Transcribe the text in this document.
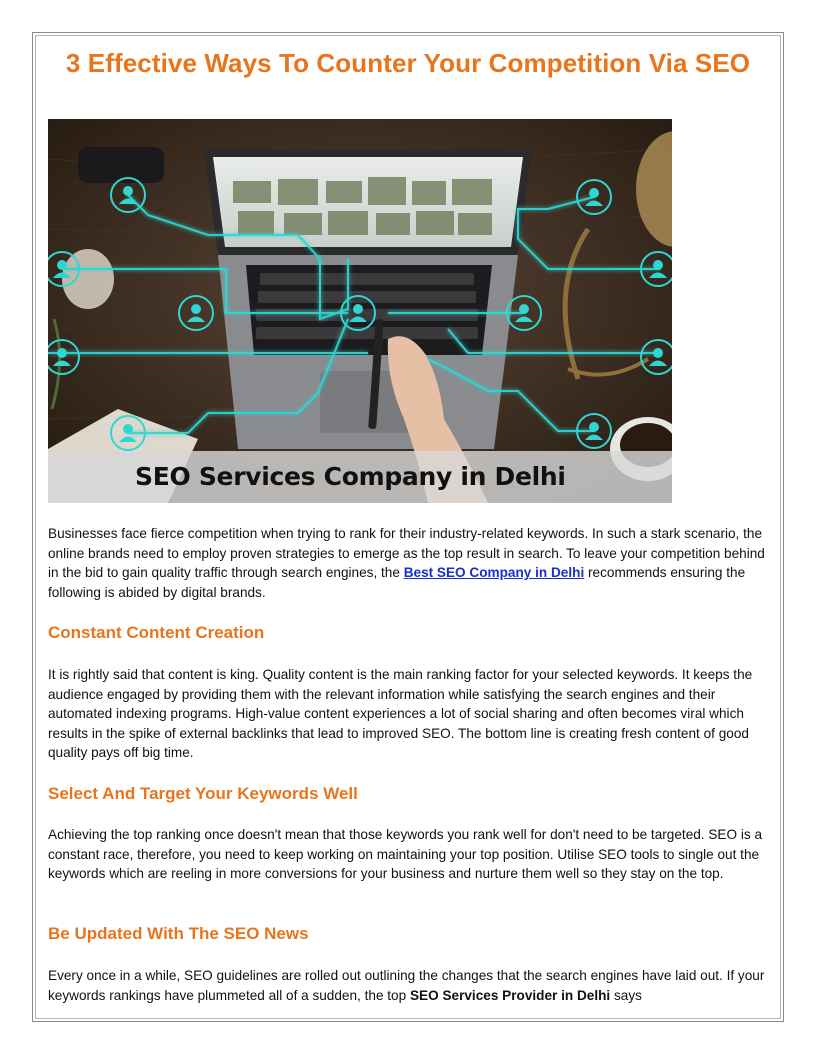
3 Effective Ways To Counter Your Competition Via SEO
SEO Services Company in Delhi

Businesses face fierce competition when trying to rank for their industry-related keywords. In such a stark scenario, the online brands need to employ proven strategies to emerge as the top result in search. To leave your competition behind in the bid to gain quality traffic through search engines, the Best SEO Company in Delhi recommends ensuring the following is abided by digital brands.

Constant Content Creation

It is rightly said that content is king. Quality content is the main ranking factor for your selected keywords. It keeps the audience engaged by providing them with the relevant information while satisfying the search engines and their automated indexing programs. High-value content experiences a lot of social sharing and often becomes viral which results in the spike of external backlinks that lead to improved SEO. The bottom line is creating fresh content of good quality pays off big time.

Select And Target Your Keywords Well

Achieving the top ranking once doesn't mean that those keywords you rank well for don't need to be targeted. SEO is a constant race, therefore, you need to keep working on maintaining your top position. Utilise SEO tools to single out the keywords which are reeling in more conversions for your business and nurture them well so they stay on the top.

Be Updated With The SEO News

Every once in a while, SEO guidelines are rolled out outlining the changes that the search engines have laid out. If your keywords rankings have plummeted all of a sudden, the top SEO Services Provider in Delhi says
